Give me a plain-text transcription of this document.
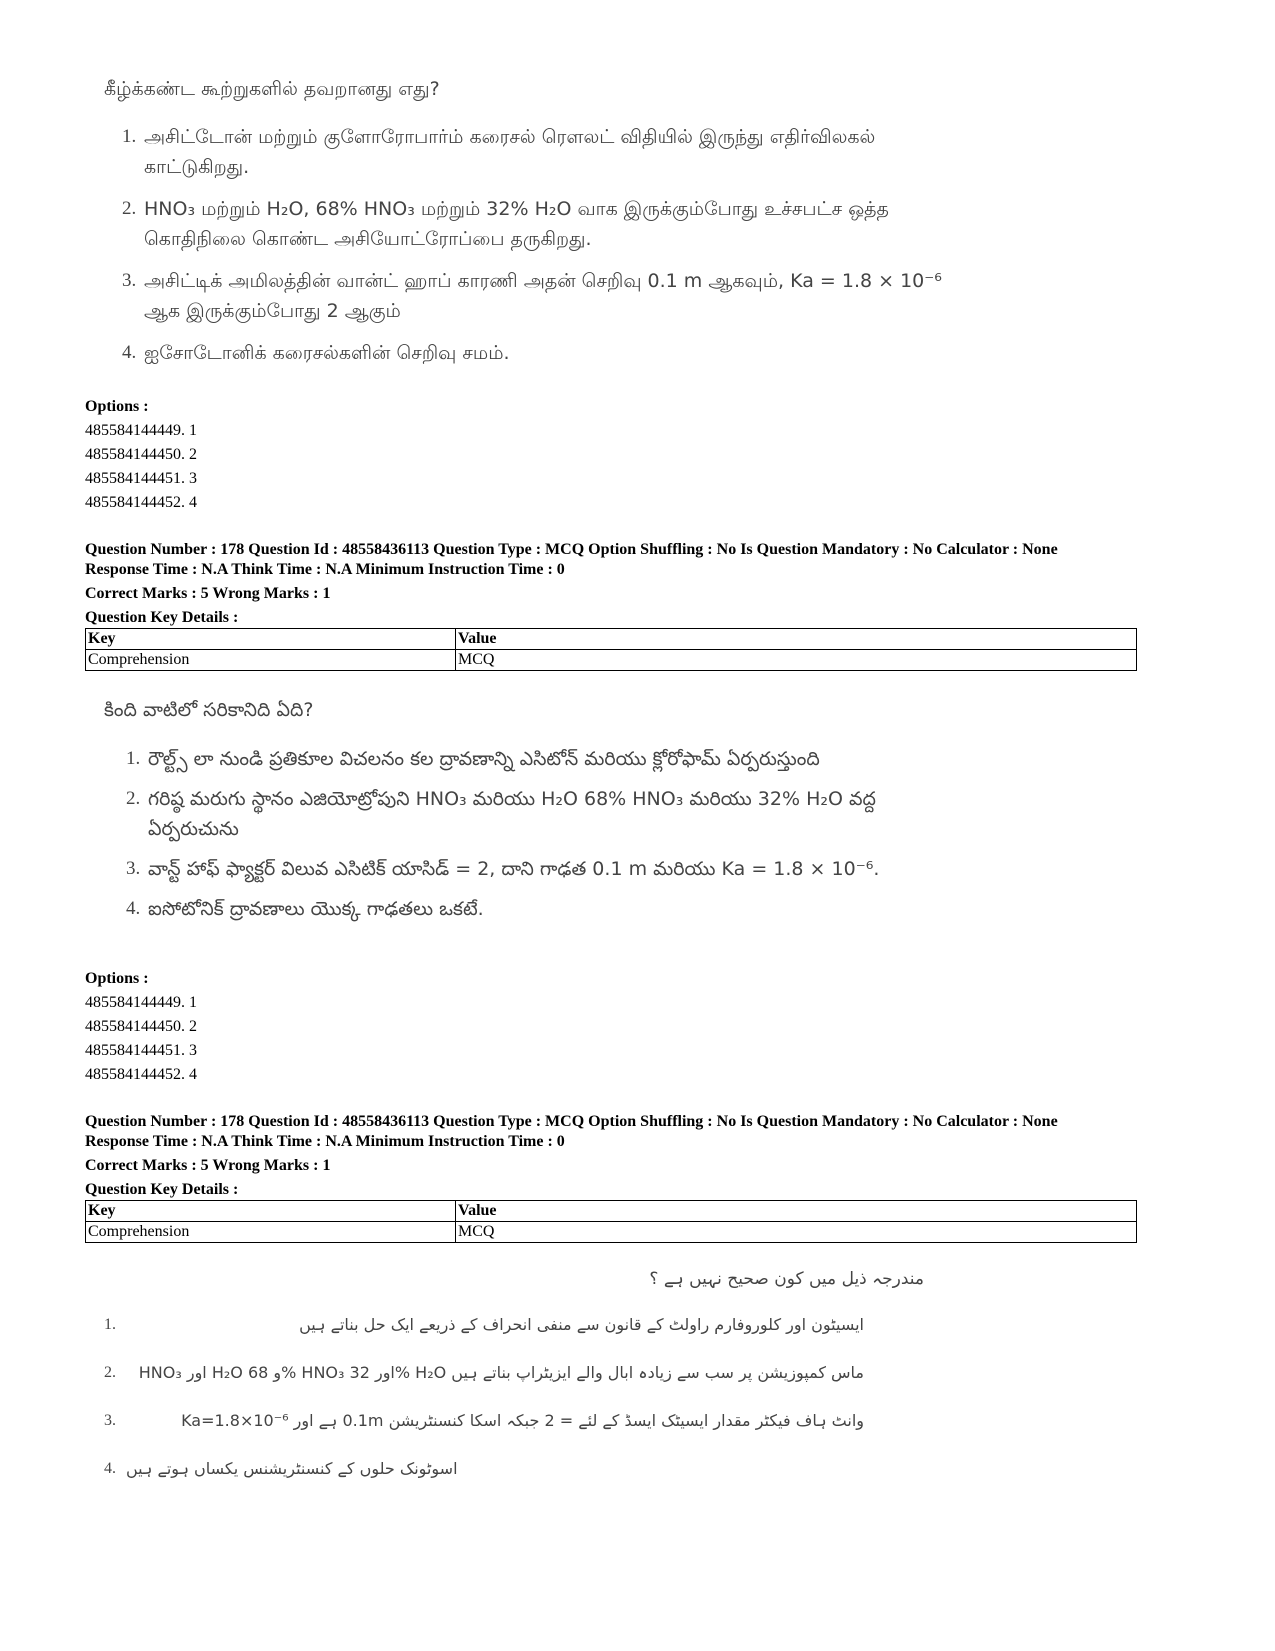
கீழ்க்கண்ட கூற்றுகளில் தவறானது எது?
1. அசிட்டோன் மற்றும் குளோரோபார்ம் கரைசல் ரௌலட் விதியில் இருந்து எதிர்விலகல் காட்டுகிறது.
2. HNO₃ மற்றும் H₂O, 68% HNO₃ மற்றும் 32% H₂O வாக இருக்கும்போது உச்சபட்ச ஒத்த கொதிநிலை கொண்ட அசியோட்ரோப்பை தருகிறது.
3. அசிட்டிக் அமிலத்தின் வான்ட் ஹாப் காரணி அதன் செறிவு 0.1 m ஆகவும், Ka = 1.8 × 10⁻⁶ ஆக இருக்கும்போது 2 ஆகும்
4. ஐசோடோனிக் கரைசல்களின் செறிவு சமம்.
Options :
485584144449. 1
485584144450. 2
485584144451. 3
485584144452. 4
Question Number : 178 Question Id : 48558436113 Question Type : MCQ Option Shuffling : No Is Question Mandatory : No Calculator : None
Response Time : N.A Think Time : N.A Minimum Instruction Time : 0
Correct Marks : 5 Wrong Marks : 1
Question Key Details :
Key	Value
Comprehension	MCQ
కింది వాటిలో సరికానిది ఏది?
1. రౌల్ట్స్ లా నుండి ప్రతికూల విచలనం కల ద్రావణాన్ని ఎసిటోన్ మరియు క్లోరోఫామ్ ఏర్పరుస్తుంది
2. గరిష్ఠ మరుగు స్థానం ఎజియోట్రోపుని HNO₃ మరియు H₂O 68% HNO₃ మరియు 32% H₂O వద్ద ఏర్పరుచును
3. వాన్ట్ హాఫ్ ఫ్యాక్టర్ విలువ ఎసిటిక్ యాసిడ్ = 2, దాని గాఢత 0.1 m మరియు Ka = 1.8 × 10⁻⁶.
4. ఐసోటోనిక్ ద్రావణాలు యొక్క గాఢతలు ఒకటే.
Options :
485584144449. 1
485584144450. 2
485584144451. 3
485584144452. 4
Question Number : 178 Question Id : 48558436113 Question Type : MCQ Option Shuffling : No Is Question Mandatory : No Calculator : None
Response Time : N.A Think Time : N.A Minimum Instruction Time : 0
Correct Marks : 5 Wrong Marks : 1
Question Key Details :
Key	Value
Comprehension	MCQ
مندرجہ ذیل میں کون صحیح نہیں ہے ؟
1.	ایسیٹون اور کلوروفارم راولٹ کے قانون سے منفی انحراف کے ذریعے ایک حل بناتے ہیں
2.	HNO₃ اور H₂O و 68% HNO₃ اور 32% H₂O ماس کمپوزیشن پر سب سے زیادہ ابال والے ایزیٹراپ بناتے ہیں
3.	وانٹ ہاف فیکٹر مقدار ایسیٹک ایسڈ کے لئے = 2 جبکہ اسکا کنسنٹریشن 0.1m ہے اور Ka=1.8×10⁻⁶
4. اسوٹونک حلوں کے کنسنٹریشنس یکساں ہوتے ہیں
